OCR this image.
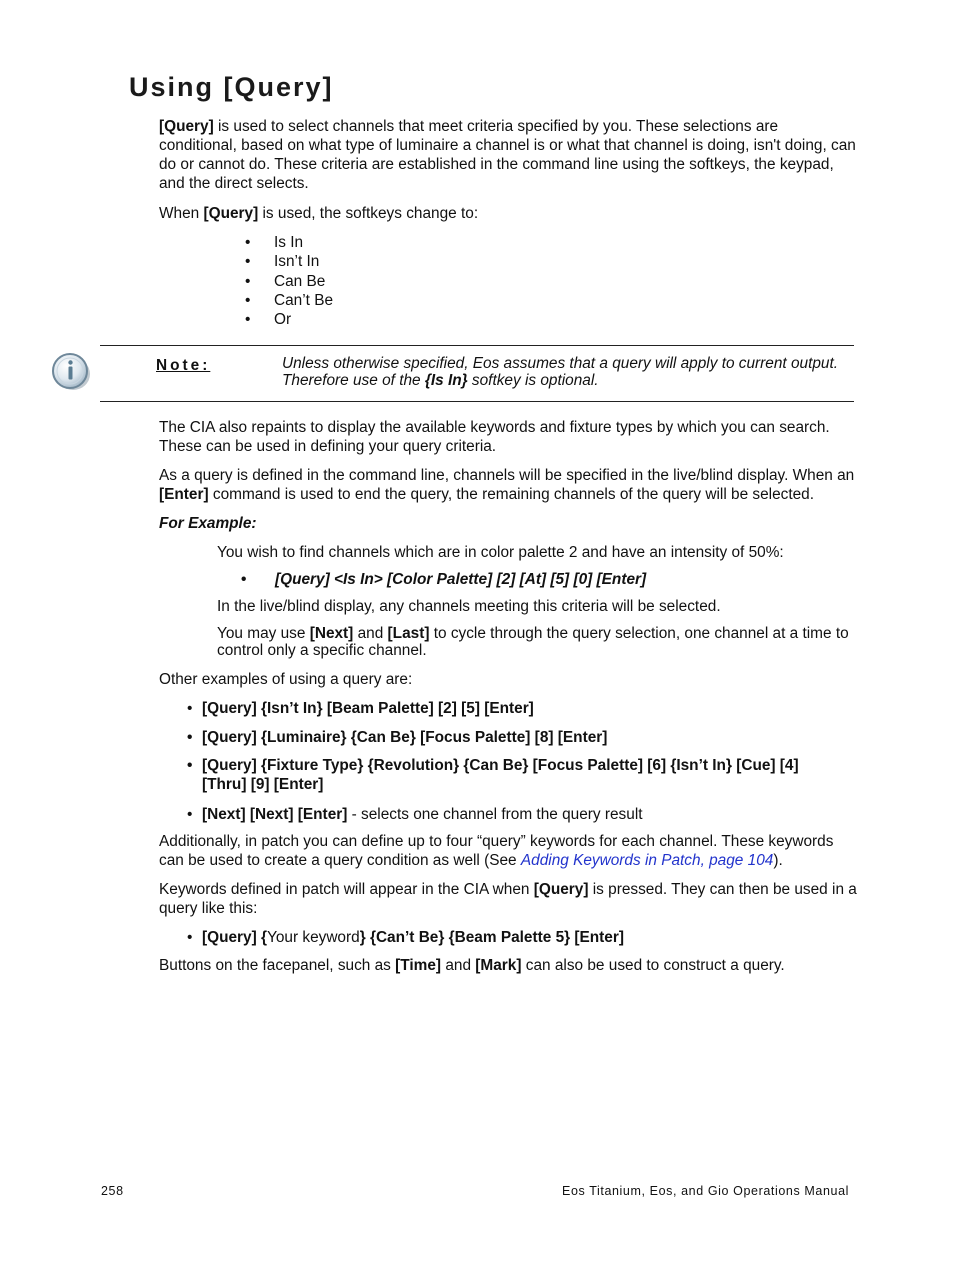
Using [Query]
[Query] is used to select channels that meet criteria specified by you. These selections are conditional, based on what type of luminaire a channel is or what that channel is doing, isn't doing, can do or cannot do. These criteria are established in the command line using the softkeys, the keypad, and the direct selects.
When [Query] is used, the softkeys change to:
• Is In
• Isn’t In
• Can Be
• Can’t Be
• Or
Note:	Unless otherwise specified, Eos assumes that a query will apply to current output. Therefore use of the {Is In} softkey is optional.
The CIA also repaints to display the available keywords and fixture types by which you can search. These can be used in defining your query criteria.
As a query is defined in the command line, channels will be specified in the live/blind display. When an [Enter] command is used to end the query, the remaining channels of the query will be selected.
For Example:
You wish to find channels which are in color palette 2 and have an intensity of 50%:
• [Query] <Is In> [Color Palette] [2] [At] [5] [0] [Enter]
In the live/blind display, any channels meeting this criteria will be selected.
You may use [Next] and [Last] to cycle through the query selection, one channel at a time to control only a specific channel.
Other examples of using a query are:
• [Query] {Isn’t In} [Beam Palette] [2] [5] [Enter]
• [Query] {Luminaire} {Can Be} [Focus Palette] [8] [Enter]
• [Query] {Fixture Type} {Revolution} {Can Be} [Focus Palette] [6] {Isn’t In} [Cue] [4] [Thru] [9] [Enter]
• [Next] [Next] [Enter] - selects one channel from the query result
Additionally, in patch you can define up to four “query” keywords for each channel. These keywords can be used to create a query condition as well (See Adding Keywords in Patch, page 104).
Keywords defined in patch will appear in the CIA when [Query] is pressed. They can then be used in a query like this:
• [Query] {Your keyword} {Can’t Be} {Beam Palette 5} [Enter]
Buttons on the facepanel, such as [Time] and [Mark] can also be used to construct a query.
258	Eos Titanium, Eos, and Gio Operations Manual
